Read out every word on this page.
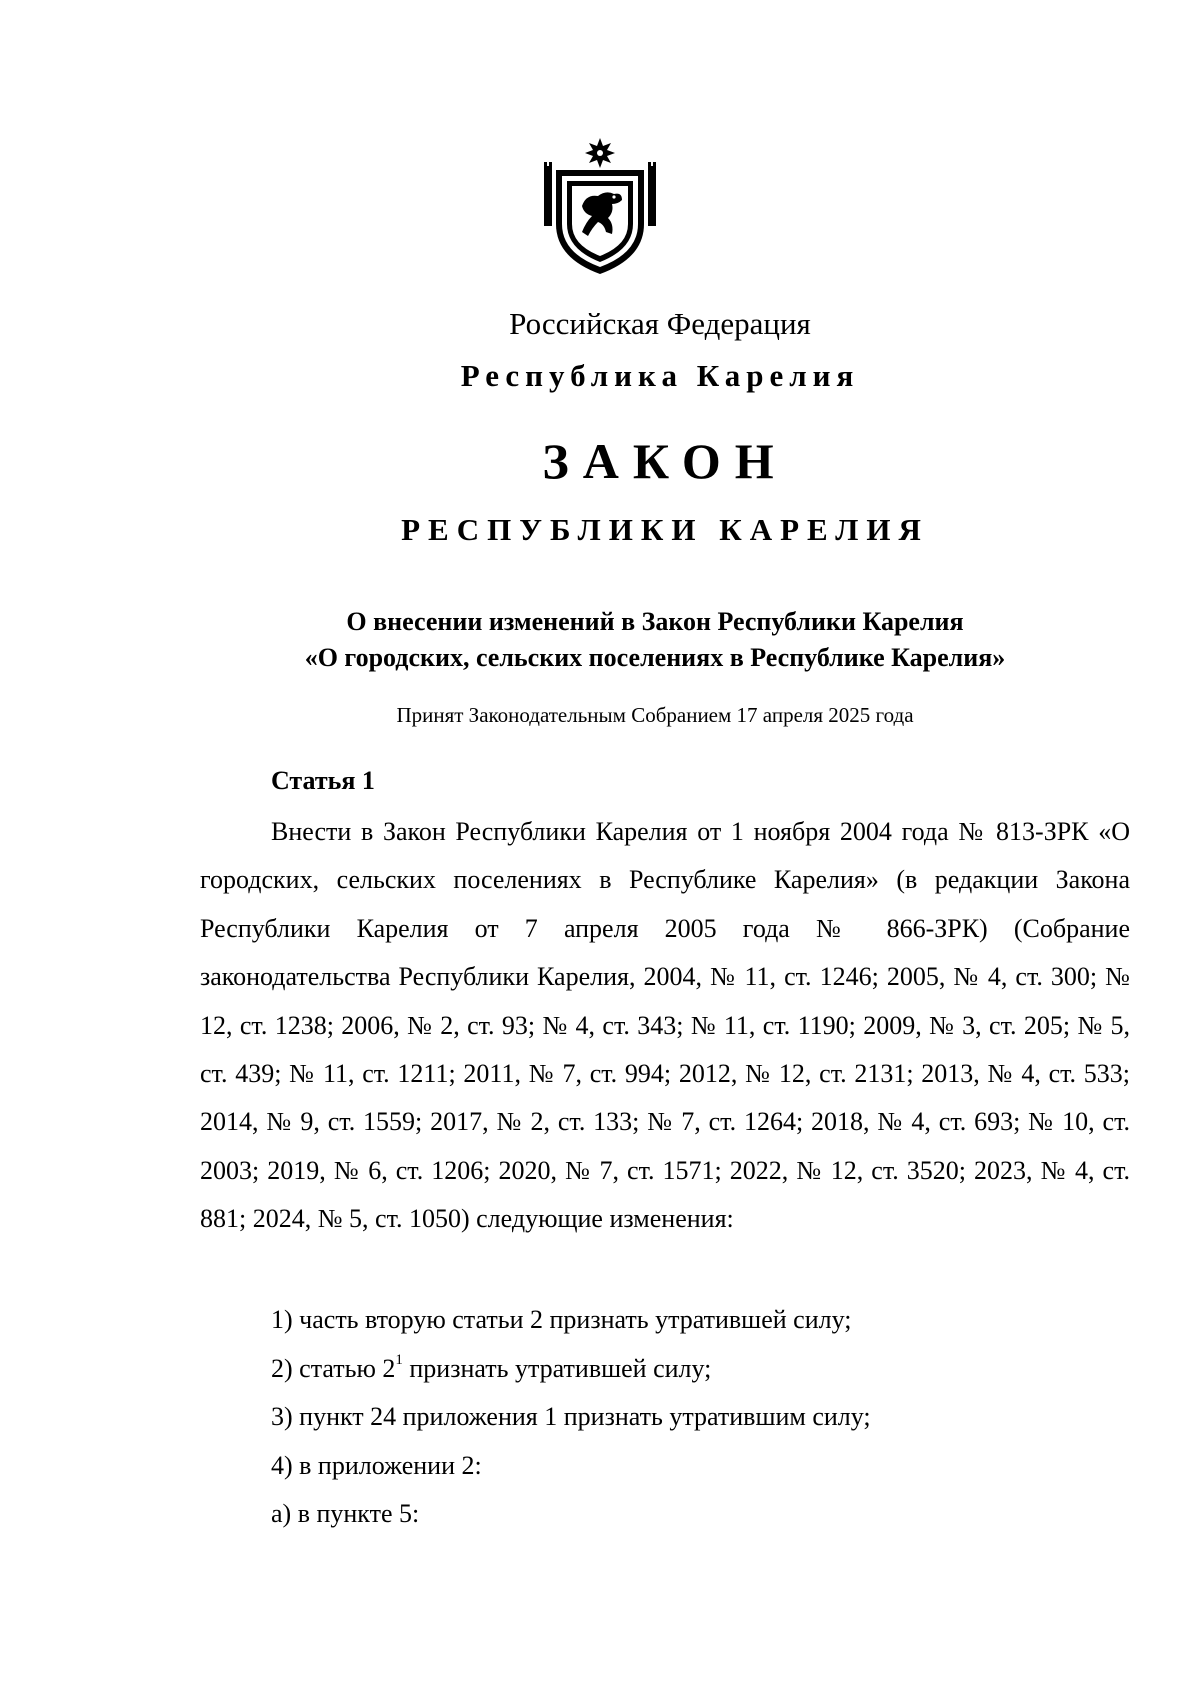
Российская Федерация
Республика Карелия
ЗАКОН
РЕСПУБЛИКИ КАРЕЛИЯ
О внесении изменений в Закон Республики Карелия
«О городских, сельских поселениях в Республике Карелия»
Принят Законодательным Собранием 17 апреля 2025 года
Статья 1
Внести в Закон Республики Карелия от 1 ноября 2004 года № 813-ЗРК «О городских, сельских поселениях в Республике Карелия» (в редакции Закона Республики Карелия от 7 апреля 2005 года № 866-ЗРК) (Собрание законодательства Республики Карелия, 2004, № 11, ст. 1246; 2005, № 4, ст. 300; № 12, ст. 1238; 2006, № 2, ст. 93; № 4, ст. 343; № 11, ст. 1190; 2009, № 3, ст. 205; № 5, ст. 439; № 11, ст. 1211; 2011, № 7, ст. 994; 2012, № 12, ст. 2131; 2013, № 4, ст. 533; 2014, № 9, ст. 1559; 2017, № 2, ст. 133; № 7, ст. 1264; 2018, № 4, ст. 693; № 10, ст. 2003; 2019, № 6, ст. 1206; 2020, № 7, ст. 1571; 2022, № 12, ст. 3520; 2023, № 4, ст. 881; 2024, № 5, ст. 1050) следующие изменения:
1) часть вторую статьи 2 признать утратившей силу;
2) статью $2^1$ признать утратившей силу;
3) пункт 24 приложения 1 признать утратившим силу;
4) в приложении 2:
а) в пункте 5:
